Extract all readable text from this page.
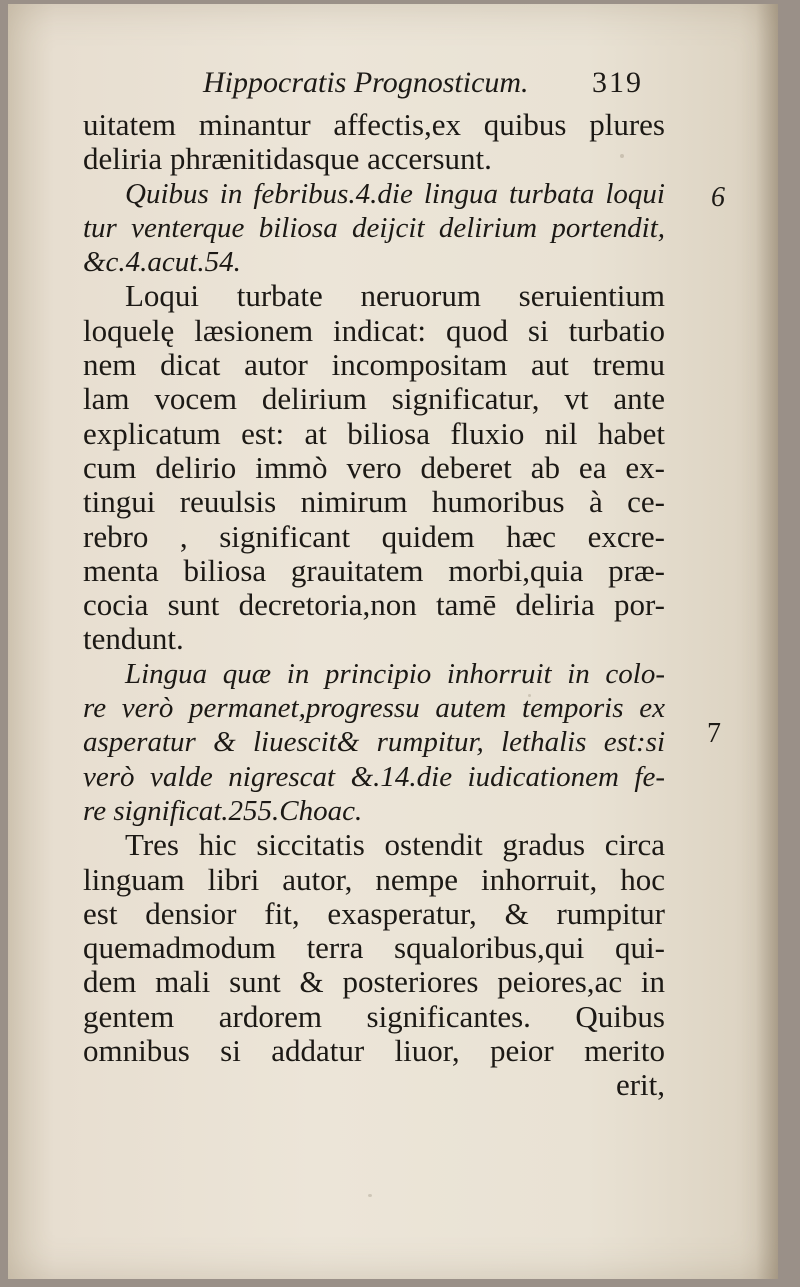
Hippocratis Prognosticum. 319
uitatem minantur affectis,ex quibus plures
deliria phrænitidasque accersunt.
Quibus in febribus.4.die lingua turbata loqui
tur venterque biliosa deijcit delirium portendit,
&c.4.acut.54.
Loqui turbate neruorum seruientium
loquelę læsionem indicat: quod si turbatio
nem dicat autor incompositam aut tremu
lam vocem delirium significatur, vt ante
explicatum est: at biliosa fluxio nil habet
cum delirio immò vero deberet ab ea ex-
tingui reuulsis nimirum humoribus à ce-
rebro , significant quidem hæc excre-
menta biliosa grauitatem morbi,quia præ-
cocia sunt decretoria,non tamē deliria por-
tendunt.
Lingua quæ in principio inhorruit in colo-
re verò permanet,progressu autem temporis ex
asperatur & liuescit& rumpitur, lethalis est:si
verò valde nigrescat &.14.die iudicationem fe-
re significat.255.Choac.
Tres hic siccitatis ostendit gradus circa
linguam libri autor, nempe inhorruit, hoc
est densior fit, exasperatur, & rumpitur
quemadmodum terra squaloribus,qui qui-
dem mali sunt & posteriores peiores,ac in
gentem ardorem significantes. Quibus
omnibus si addatur liuor, peior merito
erit,
6
7
